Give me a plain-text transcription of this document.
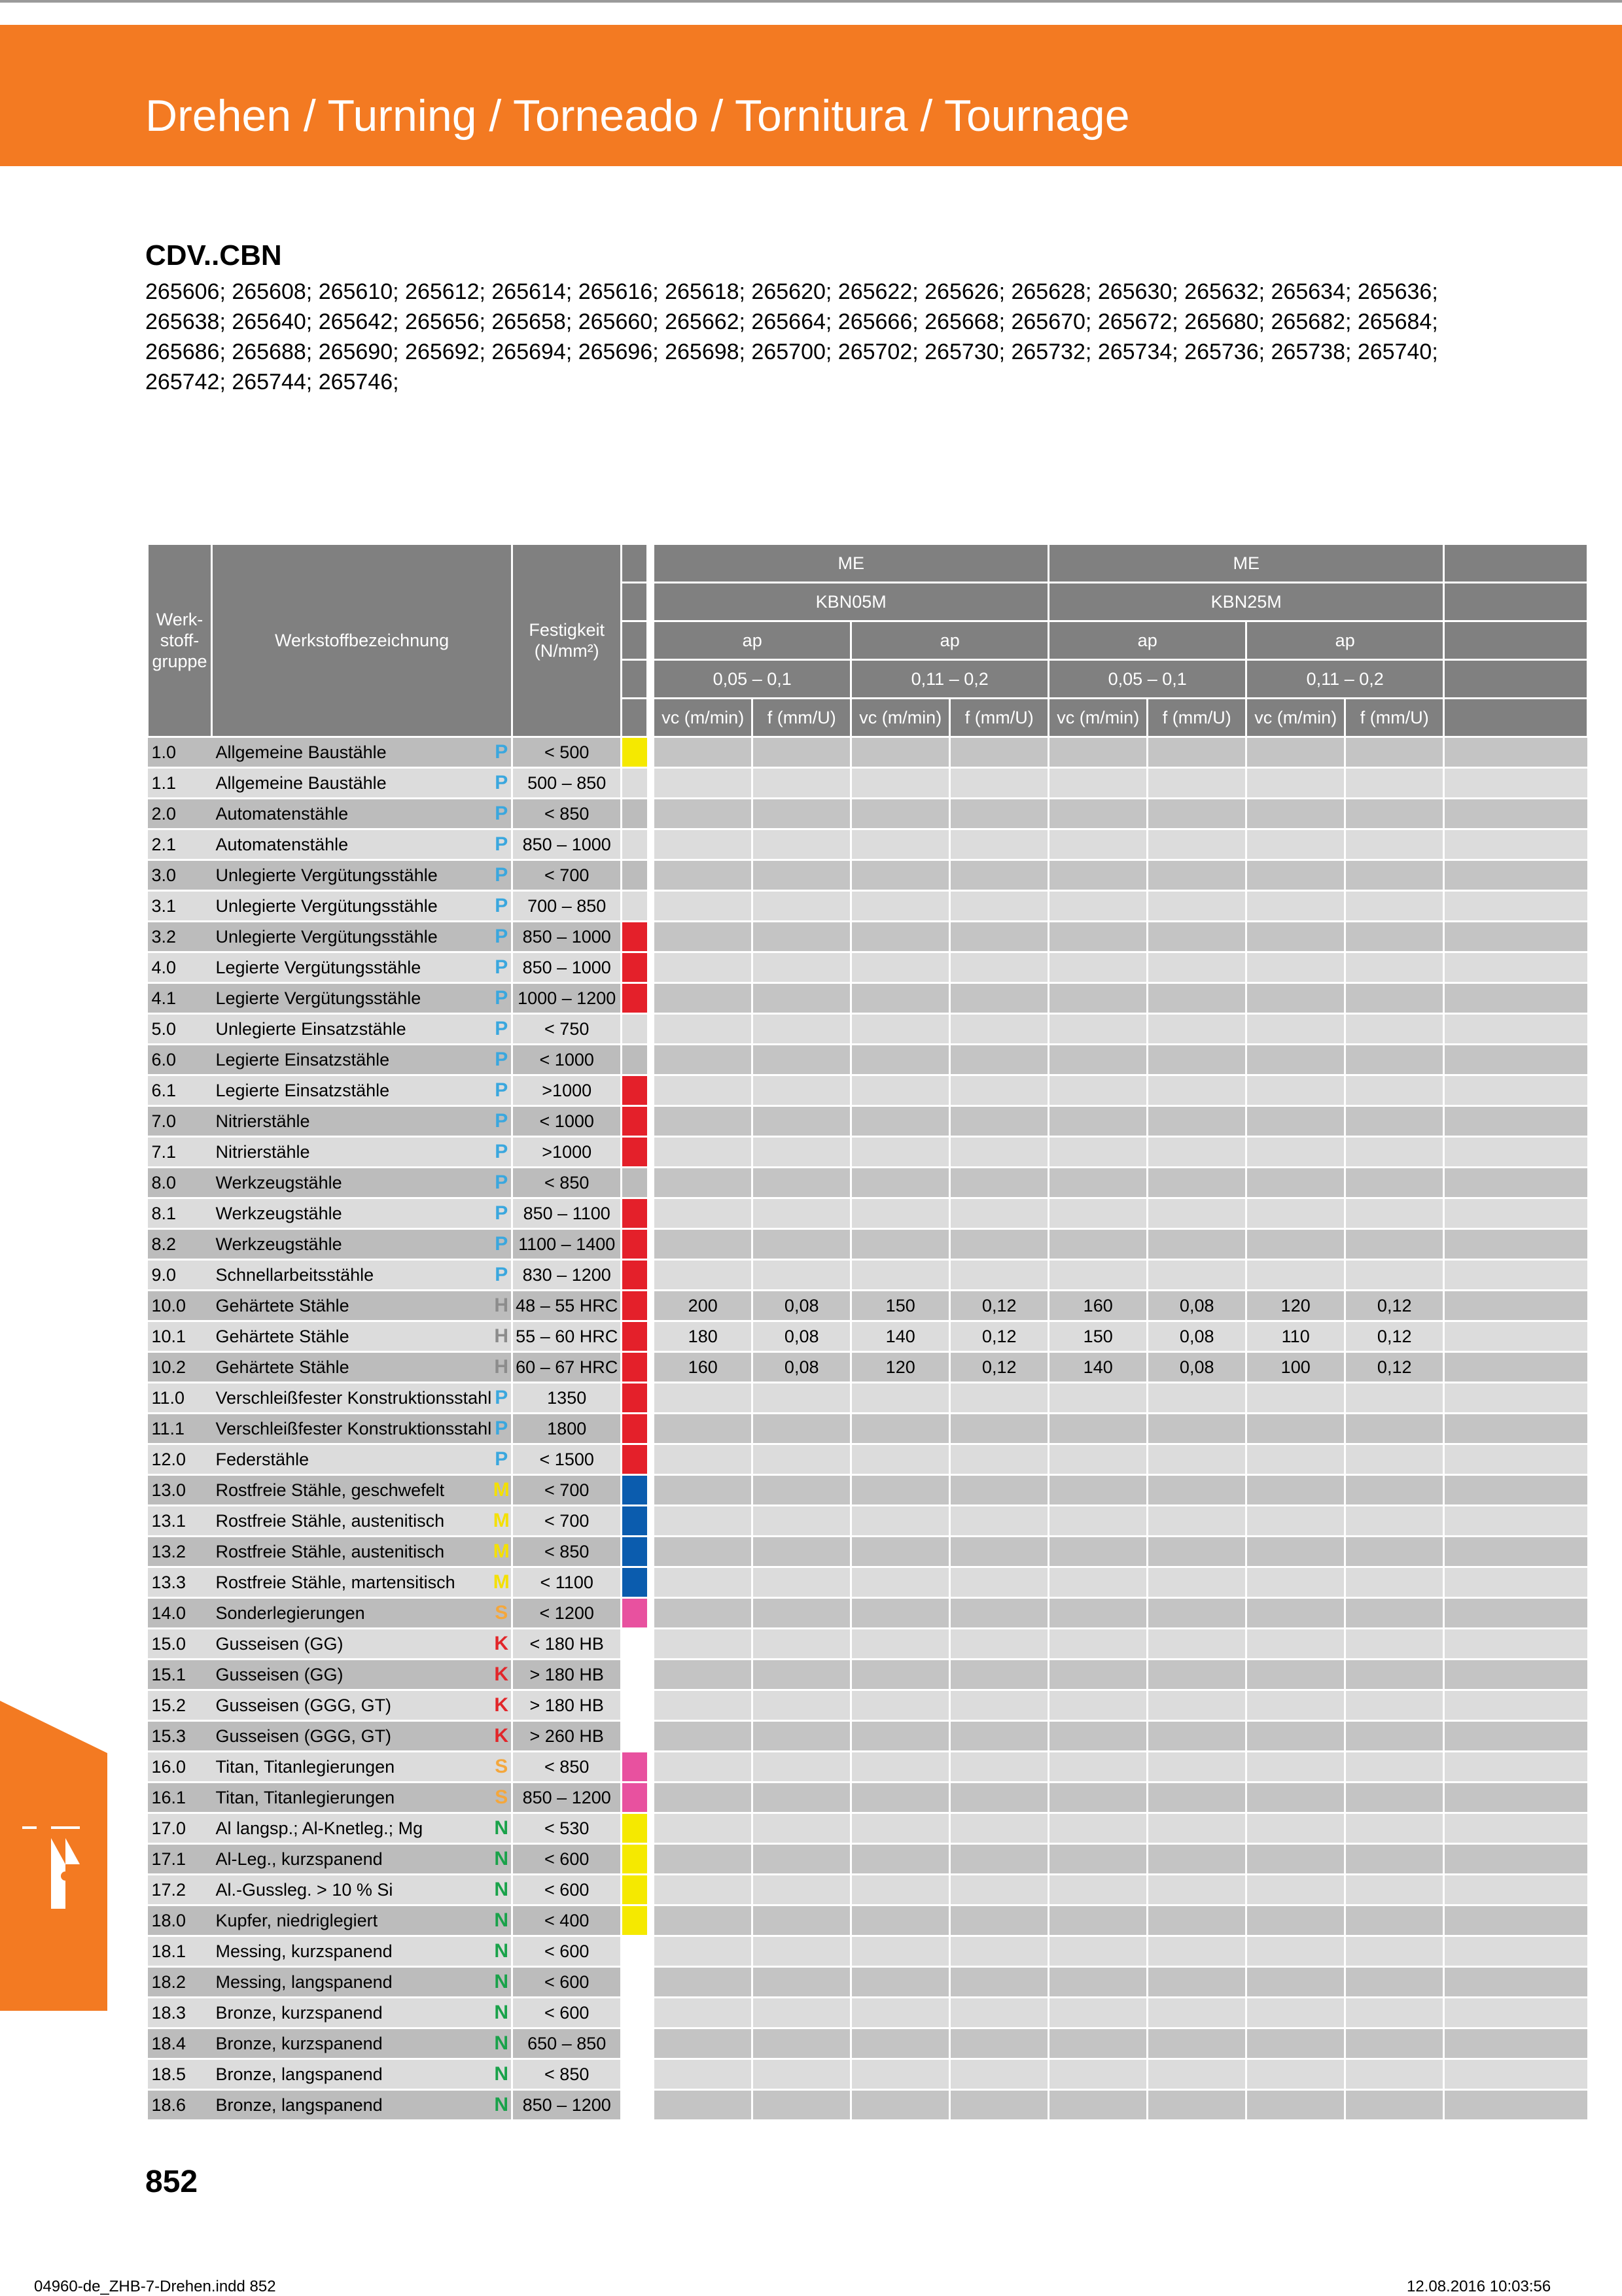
Drehen / Turning / Torneado / Tornitura / Tournage
CDV..CBN
265606; 265608; 265610; 265612; 265614; 265616; 265618; 265620; 265622; 265626; 265628; 265630; 265632; 265634; 265636; 265638; 265640; 265642; 265656; 265658; 265660; 265662; 265664; 265666; 265668; 265670; 265672; 265680; 265682; 265684; 265686; 265688; 265690; 265692; 265694; 265696; 265698; 265700; 265702; 265730; 265732; 265734; 265736; 265738; 265740; 265742; 265744; 265746;
Werk-stoff-gruppe	Werkstoffbezeichnung		Festigkeit (N/mm²)			ME				ME				
						KBN05M				KBN25M				
						ap		ap		ap		ap		
						0,05 – 0,1		0,11 – 0,2		0,05 – 0,1		0,11 – 0,2		
						vc (m/min)	f (mm/U)	vc (m/min)	f (mm/U)	vc (m/min)	f (mm/U)	vc (m/min)	f (mm/U)	
1.0	Allgemeine Baustähle	P	< 500											
1.1	Allgemeine Baustähle	P	500 – 850											
2.0	Automatenstähle	P	< 850											
2.1	Automatenstähle	P	850 – 1000											
3.0	Unlegierte Vergütungsstähle	P	< 700											
3.1	Unlegierte Vergütungsstähle	P	700 – 850											
3.2	Unlegierte Vergütungsstähle	P	850 – 1000											
4.0	Legierte Vergütungsstähle	P	850 – 1000											
4.1	Legierte Vergütungsstähle	P	1000 – 1200											
5.0	Unlegierte Einsatzstähle	P	< 750											
6.0	Legierte Einsatzstähle	P	< 1000											
6.1	Legierte Einsatzstähle	P	>1000											
7.0	Nitrierstähle	P	< 1000											
7.1	Nitrierstähle	P	>1000											
8.0	Werkzeugstähle	P	< 850											
8.1	Werkzeugstähle	P	850 – 1100											
8.2	Werkzeugstähle	P	1100 – 1400											
9.0	Schnellarbeitsstähle	P	830 – 1200											
10.0	Gehärtete Stähle	H	48 – 55 HRC			200	0,08	150	0,12	160	0,08	120	0,12	
10.1	Gehärtete Stähle	H	55 – 60 HRC			180	0,08	140	0,12	150	0,08	110	0,12	
10.2	Gehärtete Stähle	H	60 – 67 HRC			160	0,08	120	0,12	140	0,08	100	0,12	
11.0	Verschleißfester Konstruktionsstahl	P	1350											
11.1	Verschleißfester Konstruktionsstahl	P	1800											
12.0	Federstähle	P	< 1500											
13.0	Rostfreie Stähle, geschwefelt	M	< 700											
13.1	Rostfreie Stähle, austenitisch	M	< 700											
13.2	Rostfreie Stähle, austenitisch	M	< 850											
13.3	Rostfreie Stähle, martensitisch	M	< 1100											
14.0	Sonderlegierungen	S	< 1200											
15.0	Gusseisen (GG)	K	< 180 HB											
15.1	Gusseisen (GG)	K	> 180 HB											
15.2	Gusseisen (GGG, GT)	K	> 180 HB											
15.3	Gusseisen (GGG, GT)	K	> 260 HB											
16.0	Titan, Titanlegierungen	S	< 850											
16.1	Titan, Titanlegierungen	S	850 – 1200											
17.0	Al langsp.; Al-Knetleg.; Mg	N	< 530											
17.1	Al-Leg., kurzspanend	N	< 600											
17.2	Al.-Gussleg. > 10 % Si	N	< 600											
18.0	Kupfer, niedriglegiert	N	< 400											
18.1	Messing, kurzspanend	N	< 600											
18.2	Messing, langspanend	N	< 600											
18.3	Bronze, kurzspanend	N	< 600											
18.4	Bronze, kurzspanend	N	650 – 850											
18.5	Bronze, langspanend	N	< 850											
18.6	Bronze, langspanend	N	850 – 1200											
852
04960-de_ZHB-7-Drehen.indd 852	12.08.2016 10:03:56
